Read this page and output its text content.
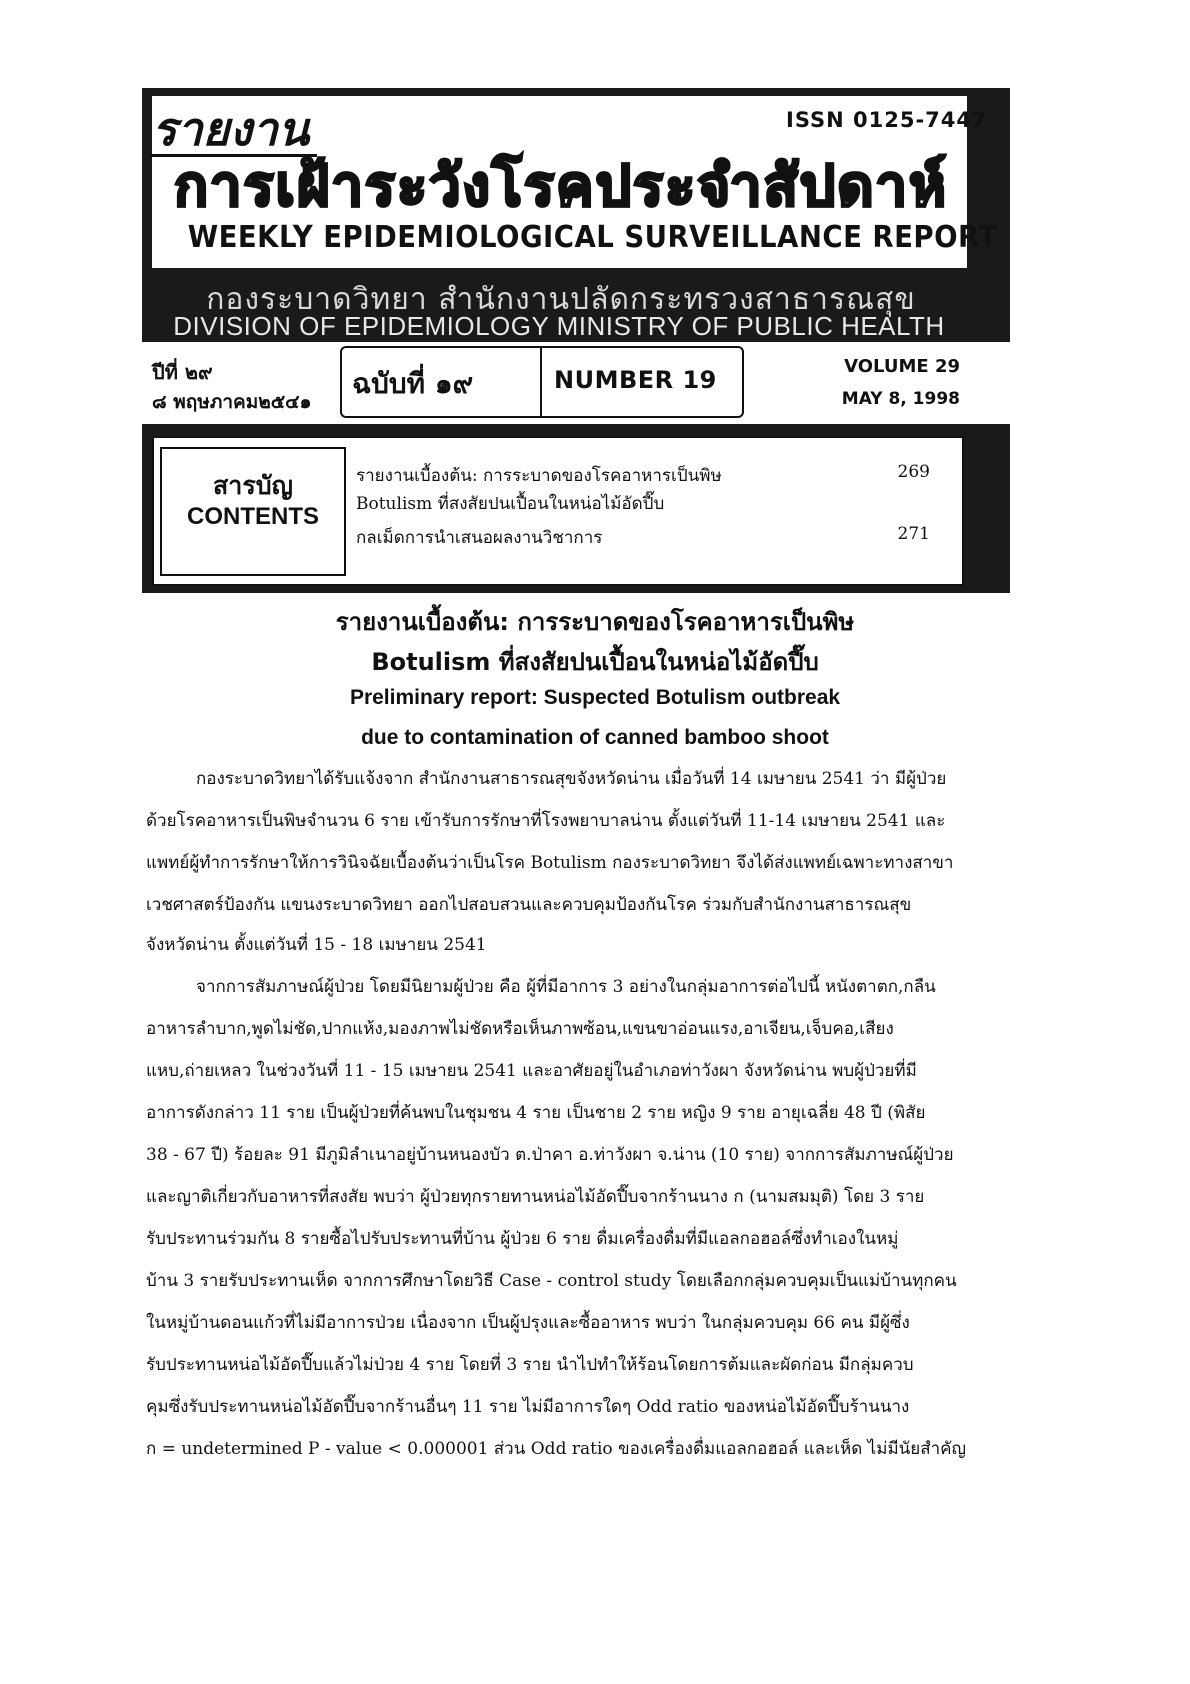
รายงาน	ISSN 0125-7447
การเฝ้าระวังโรคประจำสัปดาห์
WEEKLY EPIDEMIOLOGICAL SURVEILLANCE REPORT
กองระบาดวิทยา สำนักงานปลัดกระทรวงสาธารณสุข
DIVISION OF EPIDEMIOLOGY MINISTRY OF PUBLIC HEALTH
ปีที่ ๒๙
๘ พฤษภาคม๒๕๔๑
ฉบับที่ ๑๙	NUMBER 19	VOLUME 29
MAY 8, 1998
สารบัญ
CONTENTS
รายงานเบื้องต้น: การระบาดของโรคอาหารเป็นพิษ
Botulism ที่สงสัยปนเปื้อนในหน่อไม้อัดปี๊บ
269
กลเม็ดการนำเสนอผลงานวิชาการ	271
รายงานเบื้องต้น: การระบาดของโรคอาหารเป็นพิษ
Botulism ที่สงสัยปนเปื้อนในหน่อไม้อัดปี๊บ
Preliminary report: Suspected Botulism outbreak
due to contamination of canned bamboo shoot
กองระบาดวิทยาได้รับแจ้งจาก สำนักงานสาธารณสุขจังหวัดน่าน เมื่อวันที่ 14 เมษายน 2541 ว่า มีผู้ป่วย
ด้วยโรคอาหารเป็นพิษจำนวน 6 ราย เข้ารับการรักษาที่โรงพยาบาลน่าน ตั้งแต่วันที่ 11-14 เมษายน 2541 และ
แพทย์ผู้ทำการรักษาให้การวินิจฉัยเบื้องต้นว่าเป็นโรค Botulism กองระบาดวิทยา จึงได้ส่งแพทย์เฉพาะทางสาขา
เวชศาสตร์ป้องกัน แขนงระบาดวิทยา ออกไปสอบสวนและควบคุมป้องกันโรค ร่วมกับสำนักงานสาธารณสุข
จังหวัดน่าน ตั้งแต่วันที่ 15 - 18 เมษายน 2541
จากการสัมภาษณ์ผู้ป่วย โดยมีนิยามผู้ป่วย คือ ผู้ที่มีอาการ 3 อย่างในกลุ่มอาการต่อไปนี้ หนังตาตก,กลืน
อาหารลำบาก,พูดไม่ชัด,ปากแห้ง,มองภาพไม่ชัดหรือเห็นภาพซ้อน,แขนขาอ่อนแรง,อาเจียน,เจ็บคอ,เสียง
แหบ,ถ่ายเหลว ในช่วงวันที่ 11 - 15 เมษายน 2541 และอาศัยอยู่ในอำเภอท่าวังผา จังหวัดน่าน พบผู้ป่วยที่มี
อาการดังกล่าว 11 ราย เป็นผู้ป่วยที่ค้นพบในชุมชน 4 ราย เป็นชาย 2 ราย หญิง 9 ราย อายุเฉลี่ย 48 ปี (พิสัย
38 - 67 ปี) ร้อยละ 91 มีภูมิลำเนาอยู่บ้านหนองบัว ต.ป่าคา อ.ท่าวังผา จ.น่าน (10 ราย) จากการสัมภาษณ์ผู้ป่วย
และญาติเกี่ยวกับอาหารที่สงสัย พบว่า ผู้ป่วยทุกรายทานหน่อไม้อัดปี๊บจากร้านนาง ก (นามสมมุติ) โดย 3 ราย
รับประทานร่วมกัน 8 รายซื้อไปรับประทานที่บ้าน ผู้ป่วย 6 ราย ดื่มเครื่องดื่มที่มีแอลกอฮอล์ซึ่งทำเองในหมู่
บ้าน 3 รายรับประทานเห็ด จากการศึกษาโดยวิธี Case - control study โดยเลือกกลุ่มควบคุมเป็นแม่บ้านทุกคน
ในหมู่บ้านดอนแก้วที่ไม่มีอาการป่วย เนื่องจาก เป็นผู้ปรุงและซื้ออาหาร พบว่า ในกลุ่มควบคุม 66 คน มีผู้ซึ่ง
รับประทานหน่อไม้อัดปี๊บแล้วไม่ป่วย 4 ราย โดยที่ 3 ราย นำไปทำให้ร้อนโดยการต้มและผัดก่อน มีกลุ่มควบ
คุมซึ่งรับประทานหน่อไม้อัดปี๊บจากร้านอื่นๆ 11 ราย ไม่มีอาการใดๆ Odd ratio ของหน่อไม้อัดปี๊บร้านนาง
ก = undetermined P - value < 0.000001 ส่วน Odd ratio ของเครื่องดื่มแอลกอฮอล์ และเห็ด ไม่มีนัยสำคัญ
